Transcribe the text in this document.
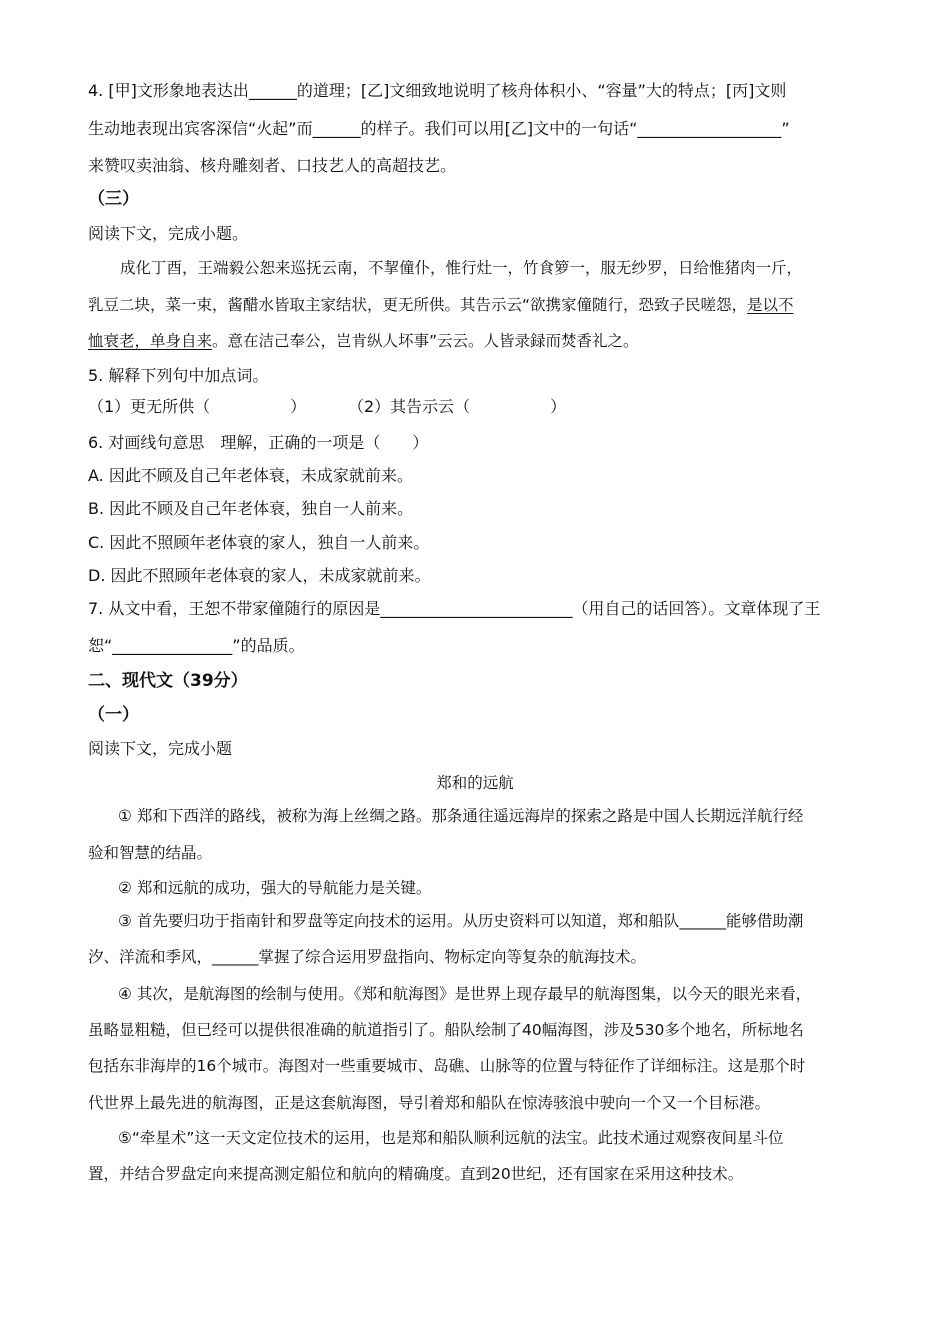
4. [甲]文形象地表达出______的道理；[乙]文细致地说明了核舟体积小、“容量”大的特点；[丙]文则
生动地表现出宾客深信“火起”而______的样子。我们可以用[乙]文中的一句话“__________________”
来赞叹卖油翁、核舟雕刻者、口技艺人的高超技艺。
（三）
阅读下文，完成小题。
成化丁酉，王端毅公恕来巡抚云南，不挈僮仆，惟行灶一，竹食箩一，服无纱罗，日给惟猪肉一斤，
乳豆二块，菜一束，酱醋水皆取主家结状，更无所供。其告示云“欲携家僮随行，恐致子民嗟怨，是以不
恤衰老，单身自来。意在洁己奉公，岂肯纵人坏事”云云。人皆录録而焚香礼之。
5. 解释下列句中加点词。
（1）更无所供（　　　　　）	（2）其告示云（　　　　　）
6. 对画线句意思　理解，正确的一项是（　　）
A. 因此不顾及自己年老体衰，未成家就前来。
B. 因此不顾及自己年老体衰，独自一人前来。
C. 因此不照顾年老体衰的家人，独自一人前来。
D. 因此不照顾年老体衰的家人，未成家就前来。
7. 从文中看，王恕不带家僮随行的原因是________________________（用自己的话回答）。文章体现了王
恕“_______________”的品质。
二、现代文（39分）
（一）
阅读下文，完成小题
郑和的远航
① 郑和下西洋的路线，被称为海上丝绸之路。那条通往遥远海岸的探索之路是中国人长期远洋航行经
验和智慧的结晶。
② 郑和远航的成功，强大的导航能力是关键。
③ 首先要归功于指南针和罗盘等定向技术的运用。从历史资料可以知道，郑和船队______能够借助潮
汐、洋流和季风，______掌握了综合运用罗盘指向、物标定向等复杂的航海技术。
④ 其次，是航海图的绘制与使用。《郑和航海图》是世界上现存最早的航海图集，以今天的眼光来看，
虽略显粗糙，但已经可以提供很准确的航道指引了。船队绘制了40幅海图，涉及530多个地名，所标地名
包括东非海岸的16个城市。海图对一些重要城市、岛礁、山脉等的位置与特征作了详细标注。这是那个时
代世界上最先进的航海图，正是这套航海图，导引着郑和船队在惊涛骇浪中驶向一个又一个目标港。
⑤“牵星术”这一天文定位技术的运用，也是郑和船队顺利远航的法宝。此技术通过观察夜间星斗位
置，并结合罗盘定向来提高测定船位和航向的精确度。直到20世纪，还有国家在采用这种技术。
